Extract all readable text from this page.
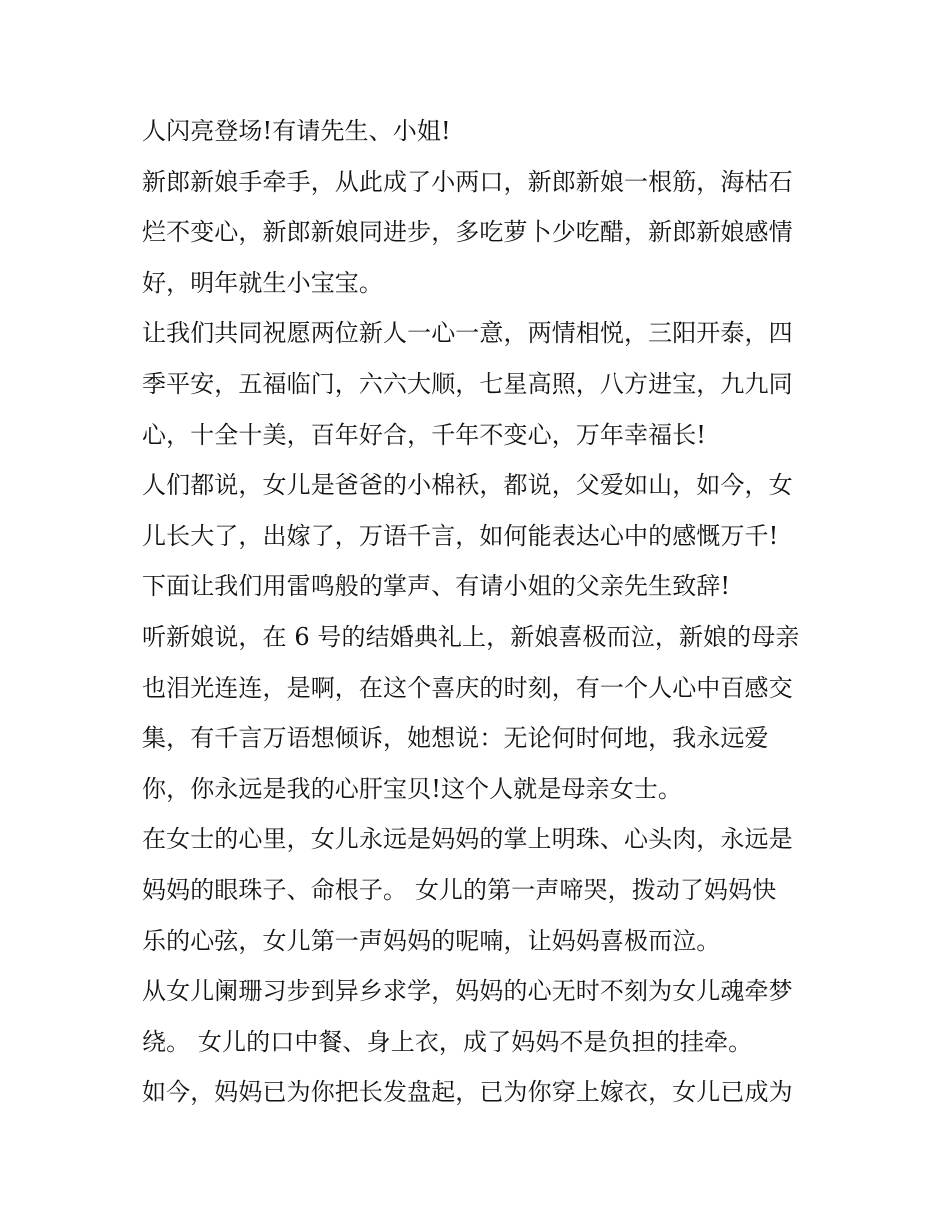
人闪亮登场!有请先生、小姐!
新郎新娘手牵手，从此成了小两口，新郎新娘一根筋，海枯石
烂不变心，新郎新娘同进步，多吃萝卜少吃醋，新郎新娘感情
好，明年就生小宝宝。
让我们共同祝愿两位新人一心一意，两情相悦，三阳开泰，四
季平安，五福临门，六六大顺，七星高照，八方进宝，九九同
心，十全十美，百年好合，千年不变心，万年幸福长!
人们都说，女儿是爸爸的小棉袄，都说，父爱如山，如今，女
儿长大了，出嫁了，万语千言，如何能表达心中的感慨万千!
下面让我们用雷鸣般的掌声、有请小姐的父亲先生致辞!
听新娘说，在 6 号的结婚典礼上，新娘喜极而泣，新娘的母亲
也泪光连连，是啊，在这个喜庆的时刻，有一个人心中百感交
集，有千言万语想倾诉，她想说：无论何时何地，我永远爱
你，你永远是我的心肝宝贝!这个人就是母亲女士。
在女士的心里，女儿永远是妈妈的掌上明珠、心头肉，永远是
妈妈的眼珠子、命根子。 女儿的第一声啼哭，拨动了妈妈快
乐的心弦，女儿第一声妈妈的呢喃，让妈妈喜极而泣。
从女儿阑珊习步到异乡求学，妈妈的心无时不刻为女儿魂牵梦
绕。 女儿的口中餐、身上衣，成了妈妈不是负担的挂牵。
如今，妈妈已为你把长发盘起，已为你穿上嫁衣，女儿已成为
